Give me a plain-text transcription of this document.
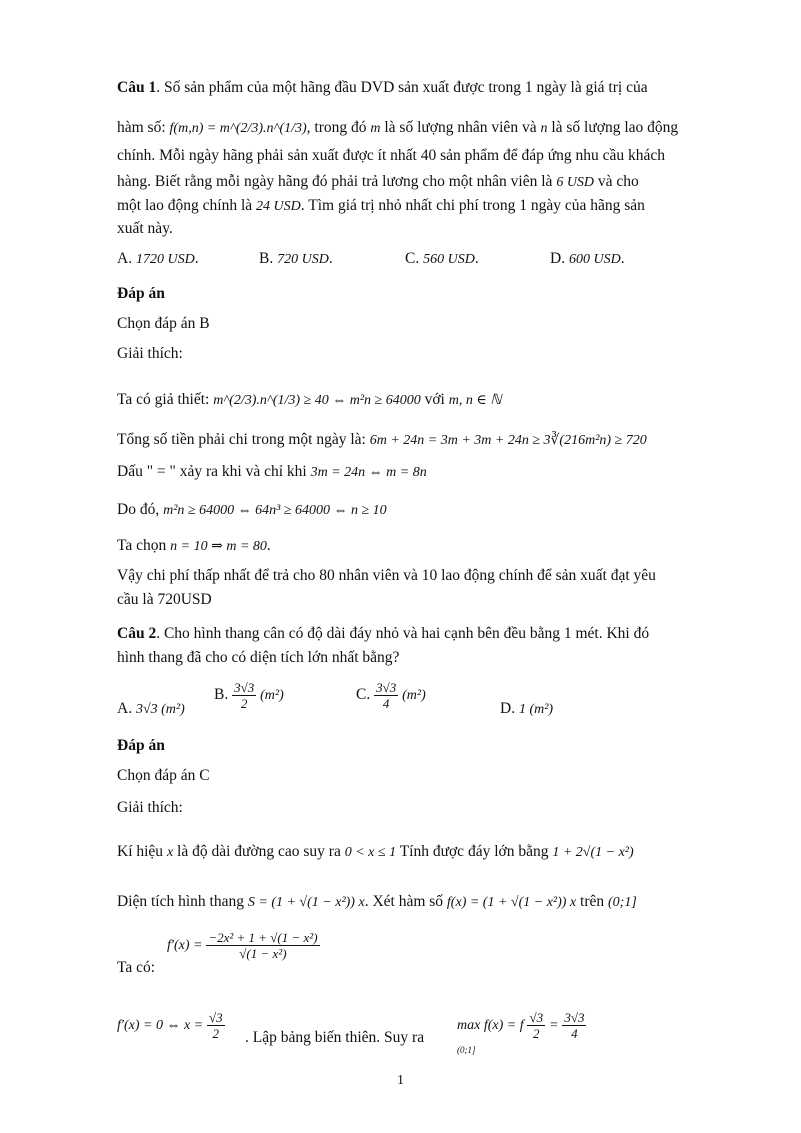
Câu 1. Số sản phẩm của một hãng đầu DVD sản xuất được trong 1 ngày là giá trị của
hàm số: f(m,n) = m^(2/3).n^(1/3), trong đó m là số lượng nhân viên và n là số lượng lao động
chính. Mỗi ngày hãng phải sản xuất được ít nhất 40 sản phẩm để đáp ứng nhu cầu khách
hàng. Biết rằng mỗi ngày hãng đó phải trả lương cho một nhân viên là 6 USD và cho
một lao động chính là 24 USD. Tìm giá trị nhỏ nhất chi phí trong 1 ngày của hãng sản
xuất này.
A. 1720 USD.	B. 720 USD.	C. 560 USD.	D. 600 USD.
Đáp án
Chọn đáp án B
Giải thích:
Ta có giả thiết: m^(2/3).n^(1/3) ≥ 40 ⇔ m²n ≥ 64000 với m, n ∈ ℕ
Tổng số tiền phải chi trong một ngày là: 6m + 24n = 3m + 3m + 24n ≥ 3∛(216m²n) ≥ 720
Dấu " = " xảy ra khi và chỉ khi 3m = 24n ⇔ m = 8n
Do đó, m²n ≥ 64000 ⇔ 64n³ ≥ 64000 ⇔ n ≥ 10
Ta chọn n = 10 ⇒ m = 80.
Vậy chi phí thấp nhất để trả cho 80 nhân viên và 10 lao động chính để sản xuất đạt yêu
cầu là 720USD
Câu 2. Cho hình thang cân có độ dài đáy nhỏ và hai cạnh bên đều bằng 1 mét. Khi đó
hình thang đã cho có diện tích lớn nhất bằng?
A. 3√3 (m²)
B. $\frac{3√3}{2} (m^2)$	C. $\frac{3√3}{4} (m^2)$
D. 1 (m²)
Đáp án
Chọn đáp án C
Giải thích:
Kí hiệu x là độ dài đường cao suy ra 0 < x ≤ 1 Tính được đáy lớn bằng 1 + 2√(1 − x²)
Diện tích hình thang S = (1 + √(1 − x²)) x. Xét hàm số f(x) = (1 + √(1 − x²)) x trên (0;1]
Ta có:
$f'(x) = \frac{\text{−2x² + 1 + √(1 − x²)}}{\text{√(1 − x²)}}$
f′(x) = 0 ⇔ $x = \frac{√3}{2}$ . Lập bảng biến thiên. Suy ra
max f(x) = f $\frac{√3}{2} = \frac{3√3}{4}$
(0;1]
1
